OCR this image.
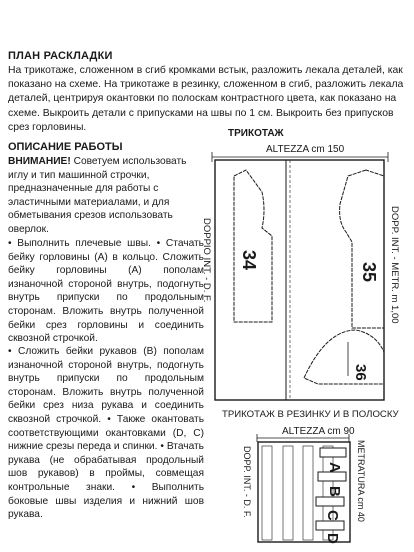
ПЛАН РАСКЛАДКИ
На трикотаже, сложенном в сгиб кромками встык, разложить лекала деталей, как показано на схеме. На трикотаже в резинку, сложенном в сгиб, разложить лекала деталей, центрируя окантовки по полоскам контрастного цвета, как показано на схеме. Выкроить детали с припусками на швы по 1 см. Выкроить без припусков срез горловины.
ОПИСАНИЕ РАБОТЫ
ВНИМАНИЕ! Советуем использовать иглу и тип машинной строчки, предназначенные для работы с эластичными материалами, и для обметывания срезов использовать оверлок.
• Выполнить плечевые швы. • Стачать бейку горловины (А) в кольцо. Сложить бейку горловины (А) пополам изнаночной стороной внутрь, подогнуть внутрь припуски по продольным сторонам. Вложить внутрь полученной бейки срез горловины и соединить сквозной строчкой.
• Сложить бейки рукавов (В) пополам изнаночной стороной внутрь, подогнуть внутрь припуски по продольным сторонам. Вложить внутрь полученной бейки срез низа рукава и соединить сквозной строчкой. • Также окантовать соответствующими окантовками (D, С) нижние срезы переда и спинки. • Втачать рукава (не обрабатывая продольный шов рукавов) в проймы, совмещая контрольные знаки. • Выполнить боковые швы изделия и нижний шов рукава.
ТРИКОТАЖ
ALTEZZA cm 150
34
35
36
DOPPIO INT. - D. F.	DOPP. INT. - METR. m 1,00
ТРИКОТАЖ В РЕЗИНКУ И В ПОЛОСКУ
ALTEZZA cm 90
A
B
C
D
DOPP. INT. - D. F.	METRATURA cm 40
